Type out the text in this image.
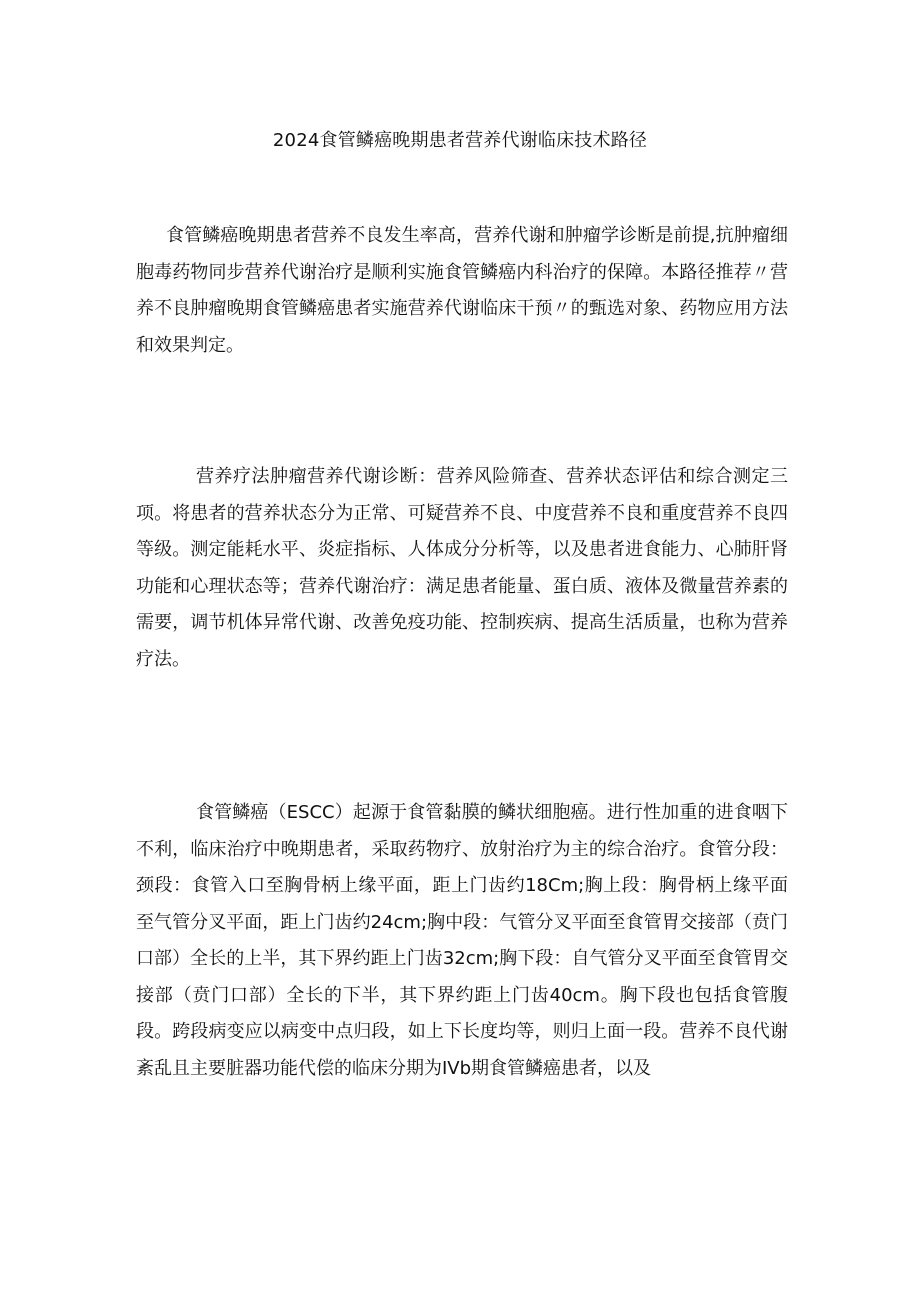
2024食管鳞癌晚期患者营养代谢临床技术路径

食管鳞癌晚期患者营养不良发生率高，营养代谢和肿瘤学诊断是前提,抗肿瘤细胞毒药物同步营养代谢治疗是顺利实施食管鳞癌内科治疗的保障。本路径推荐〃营养不良肿瘤晚期食管鳞癌患者实施营养代谢临床干预〃的甄选对象、药物应用方法和效果判定。

营养疗法肿瘤营养代谢诊断：营养风险筛查、营养状态评估和综合测定三项。将患者的营养状态分为正常、可疑营养不良、中度营养不良和重度营养不良四等级。测定能耗水平、炎症指标、人体成分分析等，以及患者进食能力、心肺肝肾功能和心理状态等；营养代谢治疗：满足患者能量、蛋白质、液体及微量营养素的需要，调节机体异常代谢、改善免疫功能、控制疾病、提高生活质量，也称为营养疗法。

食管鳞癌（ESCC）起源于食管黏膜的鳞状细胞癌。进行性加重的进食咽下不利，临床治疗中晚期患者，采取药物疗、放射治疗为主的综合治疗。食管分段：颈段：食管入口至胸骨柄上缘平面，距上门齿约18Cm;胸上段：胸骨柄上缘平面至气管分叉平面，距上门齿约24cm;胸中段：气管分叉平面至食管胃交接部（贲门口部）全长的上半，其下界约距上门齿32cm;胸下段：自气管分叉平面至食管胃交接部（贲门口部）全长的下半，其下界约距上门齿40cm。胸下段也包括食管腹段。跨段病变应以病变中点归段，如上下长度均等，则归上面一段。营养不良代谢紊乱且主要脏器功能代偿的临床分期为IVb期食管鳞癌患者，以及
